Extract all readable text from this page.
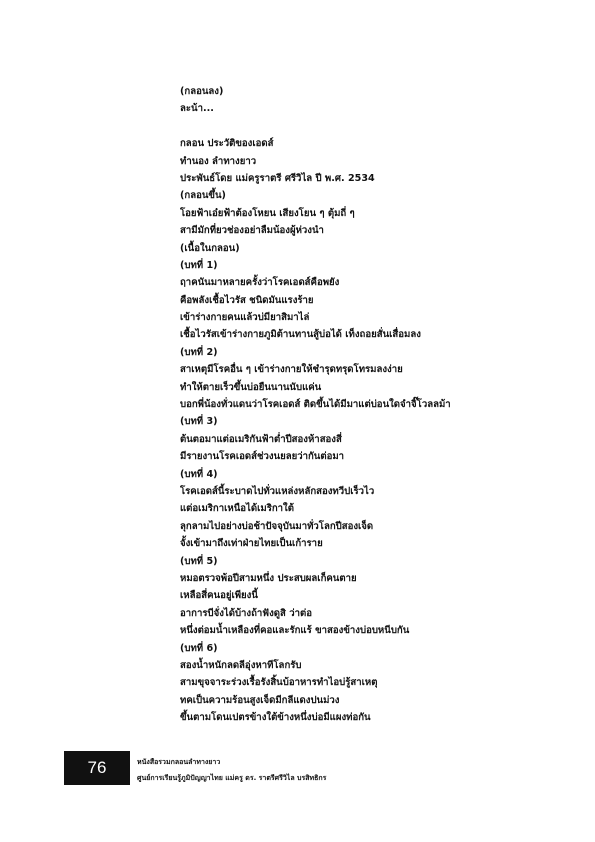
(กลอนลง)
ละน้า...
กลอน ประวัติของเอดส์
ทำนอง ลำทางยาว
ประพันธ์โดย แม่ครูราตรี ศรีวิไล ปี พ.ศ. 2534
(กลอนขึ้น)
โอยฟ้าเอ๋ยฟ้าต้องโหยน เสียงโยน ๆ ตุ้มถี่ ๆ
สามีมักที่ยวช่องอย่าลืมน้องผู้ห่วงนำ
(เนื้อในกลอน)
(บทที่ 1)
ฤาคนันมาหลายครั้งว่าโรคเอดส์คือพยัง
คือพลังเชื้อไวรัส ชนิดมันแรงร้าย
เข้าร่างกายคนแล้วบ่มียาสิมาไล่
เชื้อไวรัสเข้าร่างกายภูมิต้านทานสู้บ่อได้ เท็งถอยสั่นเสื่อมลง
(บทที่ 2)
สาเหตุมีโรคอื่น ๆ เข้าร่างกายให้ชำรุดทรุดโทรมลงง่าย
ทำให้ตายเร็วขึ้นบ่อยืนนานนับแค่น
บอกพี่น้องทั่วแดนว่าโรคเอดส์ ติดขึ้นได้มีมาแต่บ่อนใดจำจิ๊โวลลม้า
(บทที่ 3)
ต้นตอมาแต่อเมริกันฟ้าต่ำปีสองห้าสองสี่
มีรายงานโรคเอดส์ช่วงนยลยว่ากันต่อมา
(บทที่ 4)
โรคเอดส์นี้ระบาดไปทั่วแหล่งหลักสองทวีปเร็วไว
แต่อเมริกาเหนือได้เมริกาใต้
ลุกลามไปอย่างบ่อช้าปัจจุบันมาทั่วโลกปีสองเจ็ด
จั้งเข้ามาถึงเท่าฝ่ายไทยเป็นเก้าราย
(บทที่ 5)
หมอตรวจพ้อปีสามหนึ่ง ประสบผลเก็คนตาย
เหลือสี่คนอยู่เพียงนี้
อาการบีจั่งได้บ้างถ้าฟังดูสิ ว่าต่อ
หนึ่งต่อมน้ำเหลืองที่คอและรักแร้ ขาสองข้างบ่อบหนีบกัน
(บทที่ 6)
สองน้ำหนักลดลีอุ่งหาทีโลกรับ
สามขุจจาระร่วงเรื้อรังสิ้นบ้อาหารทำไอบ่รู้สาเหตุ
ทคเป็นความร้อนสูงเจ็ดมีกลีแดงปนม่วง
ขึ้นตามโดนเปตรข้างใต้ข้างหนึ่งบ่อมีแผงท่อกัน
76	หนังสือรวมกลอนลำทางยาว
ศูนย์การเรียนรู้ภูมิปัญญาไทย แม่ครู ดร. ราตรีศรีวิไล บรสิทธิกร
